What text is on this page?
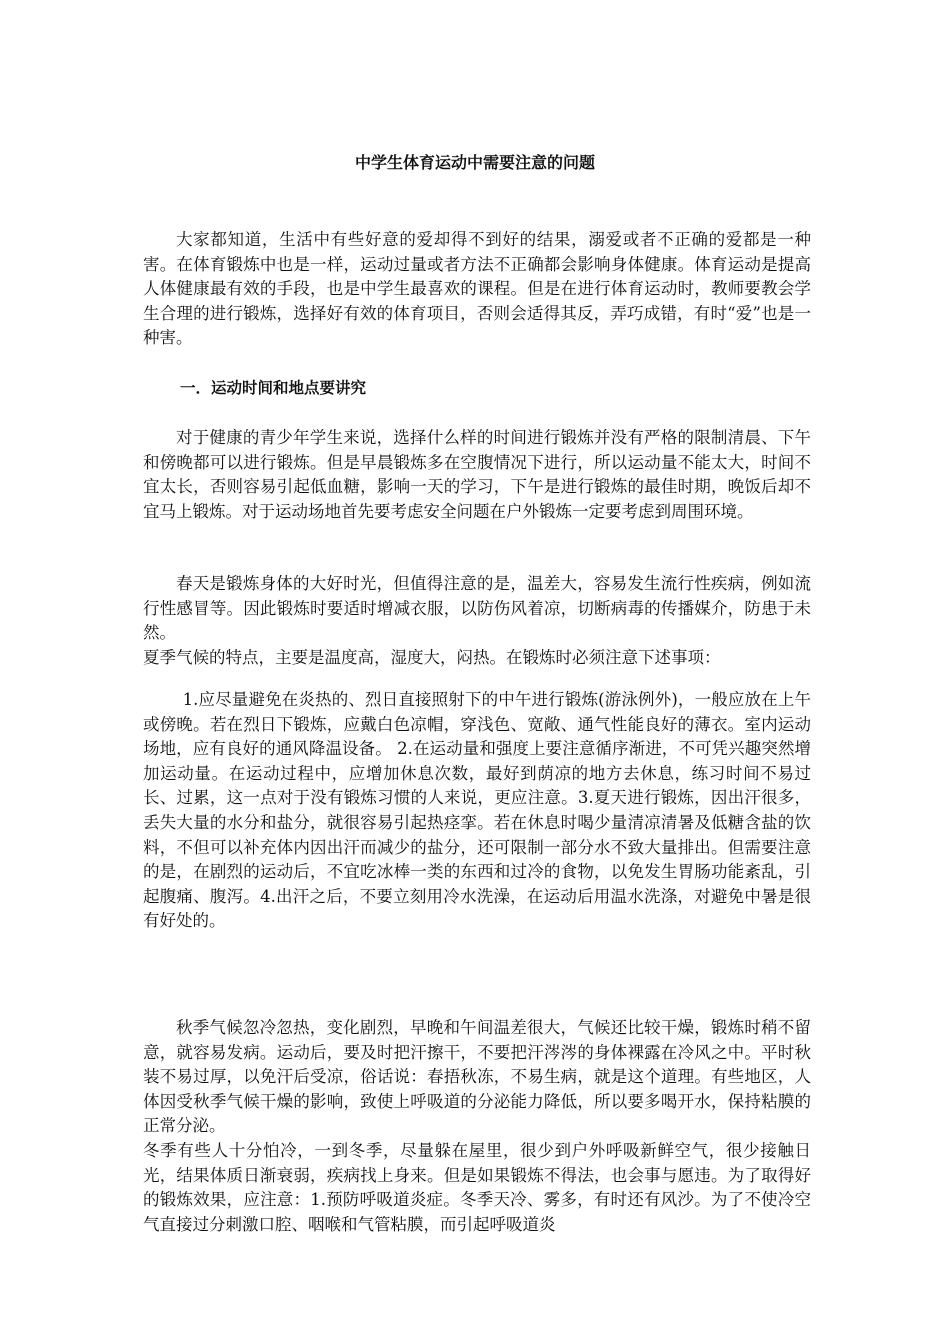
中学生体育运动中需要注意的问题

大家都知道，生活中有些好意的爱却得不到好的结果，溺爱或者不正确的爱都是一种害。在体育锻炼中也是一样，运动过量或者方法不正确都会影响身体健康。体育运动是提高人体健康最有效的手段，也是中学生最喜欢的课程。但是在进行体育运动时，教师要教会学生合理的进行锻炼，选择好有效的体育项目，否则会适得其反，弄巧成错，有时“爱”也是一种害。

一．运动时间和地点要讲究

对于健康的青少年学生来说，选择什么样的时间进行锻炼并没有严格的限制清晨、下午和傍晚都可以进行锻炼。但是早晨锻炼多在空腹情况下进行，所以运动量不能太大，时间不宜太长，否则容易引起低血糖，影响一天的学习，下午是进行锻炼的最佳时期，晚饭后却不宜马上锻炼。对于运动场地首先要考虑安全问题在户外锻炼一定要考虑到周围环境。

春天是锻炼身体的大好时光，但值得注意的是，温差大，容易发生流行性疾病，例如流行性感冒等。因此锻炼时要适时增减衣服，以防伤风着凉，切断病毒的传播媒介，防患于未然。

夏季气候的特点，主要是温度高，湿度大，闷热。在锻炼时必须注意下述事项：

1.应尽量避免在炎热的、烈日直接照射下的中午进行锻炼(游泳例外)，一般应放在上午或傍晚。若在烈日下锻炼，应戴白色凉帽，穿浅色、宽敞、通气性能良好的薄衣。室内运动场地，应有良好的通风降温设备。 2.在运动量和强度上要注意循序渐进，不可凭兴趣突然增加运动量。在运动过程中，应增加休息次数，最好到荫凉的地方去休息，练习时间不易过长、过累，这一点对于没有锻炼习惯的人来说，更应注意。3.夏天进行锻炼，因出汗很多，丢失大量的水分和盐分，就很容易引起热痉挛。若在休息时喝少量清凉清暑及低糖含盐的饮料，不但可以补充体内因出汗而减少的盐分，还可限制一部分水不致大量排出。但需要注意的是，在剧烈的运动后，不宜吃冰棒一类的东西和过冷的食物，以免发生胃肠功能紊乱，引起腹痛、腹泻。4.出汗之后，不要立刻用冷水洗澡，在运动后用温水洗涤，对避免中暑是很有好处的。

秋季气候忽冷忽热，变化剧烈，早晚和午间温差很大，气候还比较干燥，锻炼时稍不留意，就容易发病。运动后，要及时把汗擦干，不要把汗涔涔的身体裸露在冷风之中。平时秋装不易过厚，以免汗后受凉，俗话说：春捂秋冻，不易生病，就是这个道理。有些地区，人体因受秋季气候干燥的影响，致使上呼吸道的分泌能力降低，所以要多喝开水，保持粘膜的正常分泌。

冬季有些人十分怕冷，一到冬季，尽量躲在屋里，很少到户外呼吸新鲜空气，很少接触日光，结果体质日渐衰弱，疾病找上身来。但是如果锻炼不得法，也会事与愿违。为了取得好的锻炼效果，应注意：1.预防呼吸道炎症。冬季天冷、雾多，有时还有风沙。为了不使冷空气直接过分刺激口腔、咽喉和气管粘膜，而引起呼吸道炎
